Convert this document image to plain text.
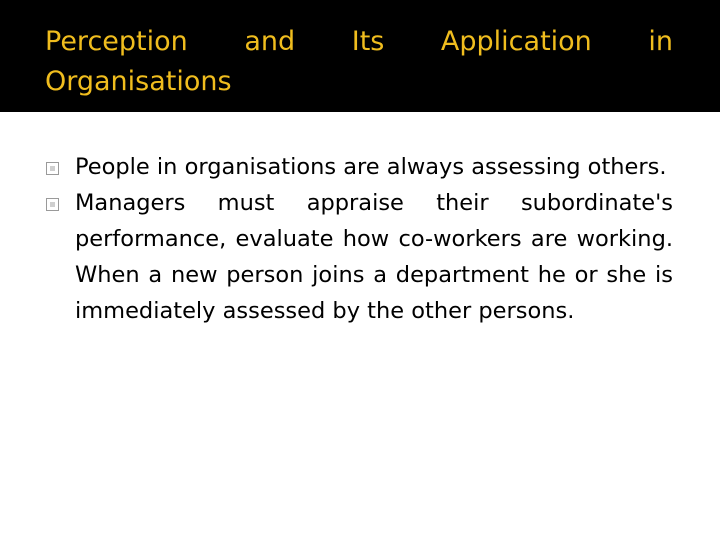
Perception and Its Application in Organisations
People in organisations are always assessing others.
Managers must appraise their subordinate's performance, evaluate how co-workers are working. When a new person joins a department he or she is immediately assessed by the other persons.
